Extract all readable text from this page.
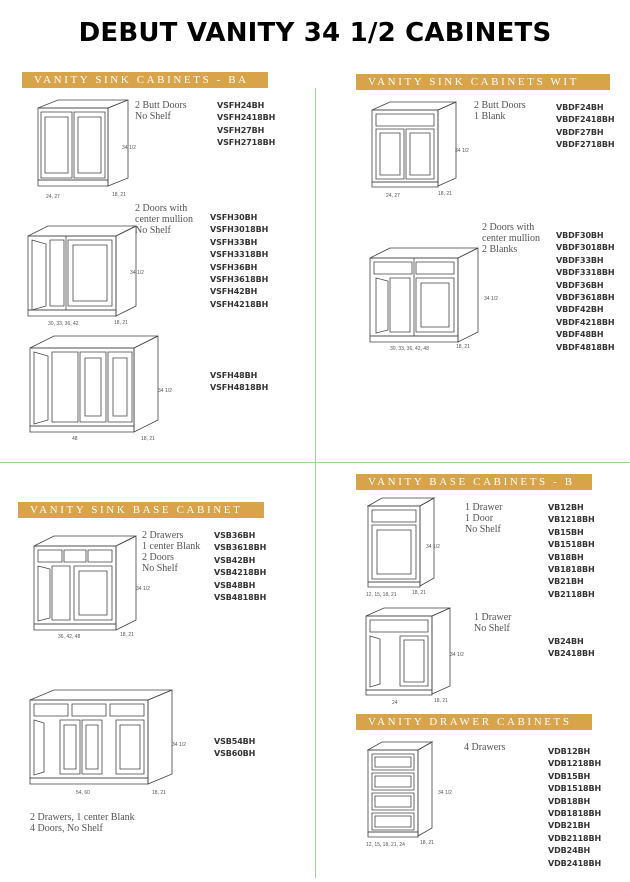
DEBUT VANITY 34 1/2 CABINETS
VANITY SINK CABINETS - BA
24, 27	18, 21
34 1/2
2 Butt Doors
No Shelf
VSFH24BH
VSFH2418BH
VSFH27BH
VSFH2718BH
30, 33, 36, 42	18, 21
34 1/2
2 Doors with
center mullion
No Shelf
VSFH30BH
VSFH3018BH
VSFH33BH
VSFH3318BH
VSFH36BH
VSFH3618BH
VSFH42BH
VSFH4218BH
48	18, 21
34 1/2
VSFH48BH
VSFH4818BH
VANITY SINK CABINETS WIT
24, 27	18, 21
34 1/2
2 Butt Doors
1 Blank
VBDF24BH
VBDF2418BH
VBDF27BH
VBDF2718BH
30, 33, 36, 42, 48	18, 21
34 1/2
2 Doors with
center mullion
2 Blanks
VBDF30BH
VBDF3018BH
VBDF33BH
VBDF3318BH
VBDF36BH
VBDF3618BH
VBDF42BH
VBDF4218BH
VBDF48BH
VBDF4818BH
VANITY SINK BASE CABINET
36, 42, 48	18, 21
34 1/2
2 Drawers
1 center Blank
2 Doors
No Shelf
VSB36BH
VSB3618BH
VSB42BH
VSB4218BH
VSB48BH
VSB4818BH
54, 60	18, 21
34 1/2	VSB54BH
VSB60BH
2 Drawers, 1 center Blank
4 Doors, No Shelf
VANITY BASE CABINETS - B
12, 15, 18, 21	18, 21
34 1/2
1 Drawer
1 Door
No Shelf
VB12BH
VB1218BH
VB15BH
VB1518BH
VB18BH
VB1818BH
VB21BH
VB2118BH
24	18, 21
34 1/2
1 Drawer
No Shelf
VB24BH
VB2418BH
VANITY DRAWER CABINETS
12, 15, 18, 21, 24	18, 21
34 1/2
4 Drawers	VDB12BH
VDB1218BH
VDB15BH
VDB1518BH
VDB18BH
VDB1818BH
VDB21BH
VDB2118BH
VDB24BH
VDB2418BH
